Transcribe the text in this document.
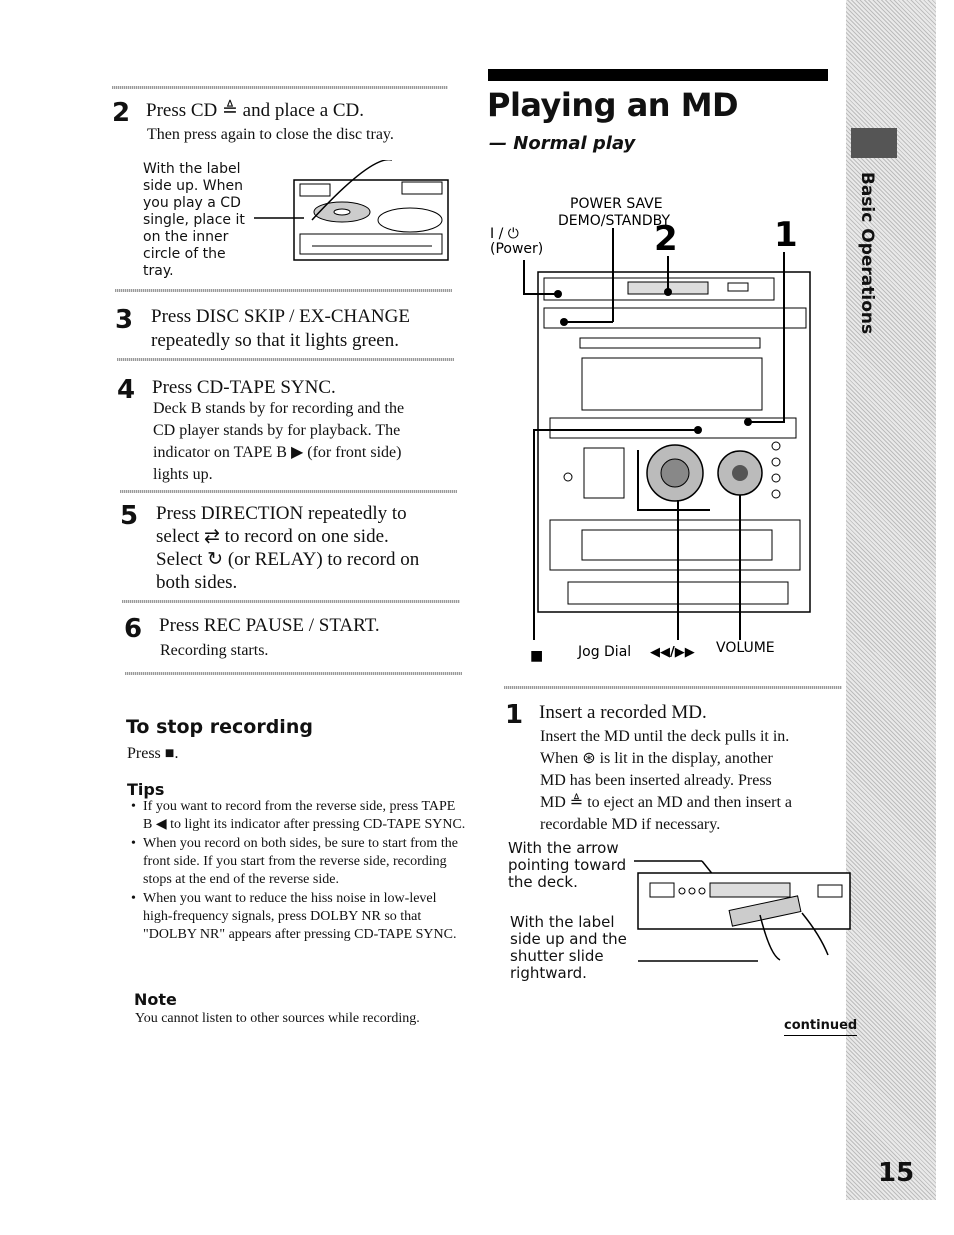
Basic Operations
15
2 Press CD ≜ and place a CD.
Then press again to close the disc tray.
With the label
side up. When
you play a CD
single, place it
on the inner
circle of the
tray.
3 Press DISC SKIP / EX-CHANGE
repeatedly so that it lights green.
4 Press CD-TAPE SYNC.
Deck B stands by for recording and the
CD player stands by for playback. The
indicator on TAPE B ▶ (for front side)
lights up.
5 Press DIRECTION repeatedly to
select ⇄ to record on one side.
Select ↻ (or RELAY) to record on
both sides.
6 Press REC PAUSE / START.
Recording starts.
To stop recording
Press ■.
Tips
• If you want to record from the reverse side, press TAPE B ◀ to light its indicator after pressing CD-TAPE SYNC.
• When you record on both sides, be sure to start from the front side. If you start from the reverse side, recording stops at the end of the reverse side.
• When you want to reduce the hiss noise in low-level high-frequency signals, press DOLBY NR so that "DOLBY NR" appears after pressing CD-TAPE SYNC.
Note
You cannot listen to other sources while recording.
Playing an MD
— Normal play
POWER SAVE
DEMO/STANDBY
I / ⏻
(Power)	2	1
■ Jog Dial ◀◀/▶▶ VOLUME
1 Insert a recorded MD.
Insert the MD until the deck pulls it in.
When ⊛ is lit in the display, another
MD has been inserted already. Press
MD ≜ to eject an MD and then insert a
recordable MD if necessary.
With the arrow
pointing toward
the deck.
With the label
side up and the
shutter slide
rightward.
continued
